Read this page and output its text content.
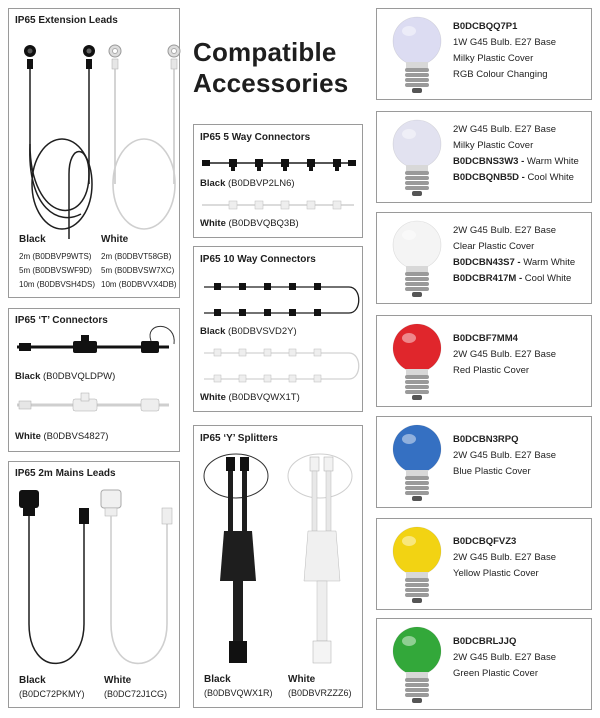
Compatible
Accessories
IP65 Extension Leads
Black	White
2m (B0DBVP9WTS)
5m (B0DBVSWF9D)
10m (B0DBVSH4DS)
2m (B0DBVT58GB)
5m (B0DBVSW7XC)
10m (B0DBVVX4DB)
IP65 ‘T’ Connectors
Black (B0DBVQLDPW)
White (B0DBVS4827)
IP65 2m Mains Leads
Black
(B0DC72PKMY)
White
(B0DC72J1CG)
IP65 5 Way Connectors
Black (B0DBVP2LN6)
White (B0DBVQBQ3B)
IP65 10 Way Connectors
Black (B0DBVSVD2Y)
White (B0DBVQWX1T)
IP65 ‘Y’ Splitters
Black
(B0DBVQWX1R)
White
(B0DBVRZZZ6)
B0DCBQQ7P1
1W G45 Bulb. E27 Base
Milky Plastic Cover
RGB Colour Changing
2W G45 Bulb. E27 Base
Milky Plastic Cover
B0DCBNS3W3 - Warm White
B0DCBQNB5D - Cool White
2W G45 Bulb. E27 Base
Clear Plastic Cover
B0DCBN43S7 - Warm White
B0DCBR417M - Cool White
B0DCBF7MM4
2W G45 Bulb. E27 Base
Red Plastic Cover
B0DCBN3RPQ
2W G45 Bulb. E27 Base
Blue Plastic Cover
B0DCBQFVZ3
2W G45 Bulb. E27 Base
Yellow Plastic Cover
B0DCBRLJJQ
2W G45 Bulb. E27 Base
Green Plastic Cover
